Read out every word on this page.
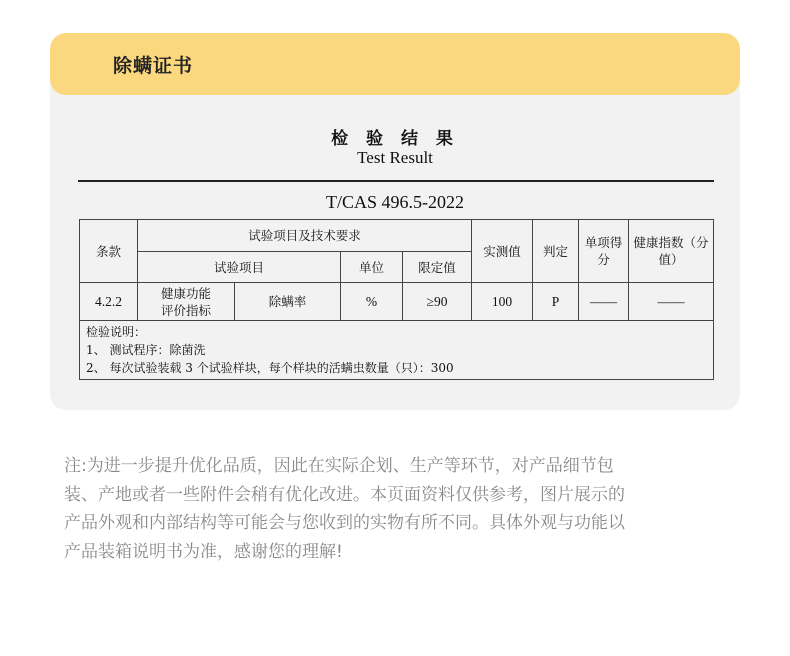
除螨证书
检 验 结 果
Test Result
T/CAS 496.5-2022
条款	试验项目及技术要求				实测值	判定	单项得分	健康指数（分值）
	试验项目		单位	限定值				
4.2.2	健康功能评价指标	除螨率	%	≥90	100	P	——	——

检验说明：
1、 测试程序：除菌洗
2、 每次试验装载 3 个试验样块，每个样块的活螨虫数量（只）：300								
注:为进一步提升优化品质，因此在实际企划、生产等环节，对产品细节包
装、产地或者一些附件会稍有优化改进。本页面资料仅供参考，图片展示的
产品外观和内部结构等可能会与您收到的实物有所不同。具体外观与功能以
产品装箱说明书为准，感谢您的理解!
